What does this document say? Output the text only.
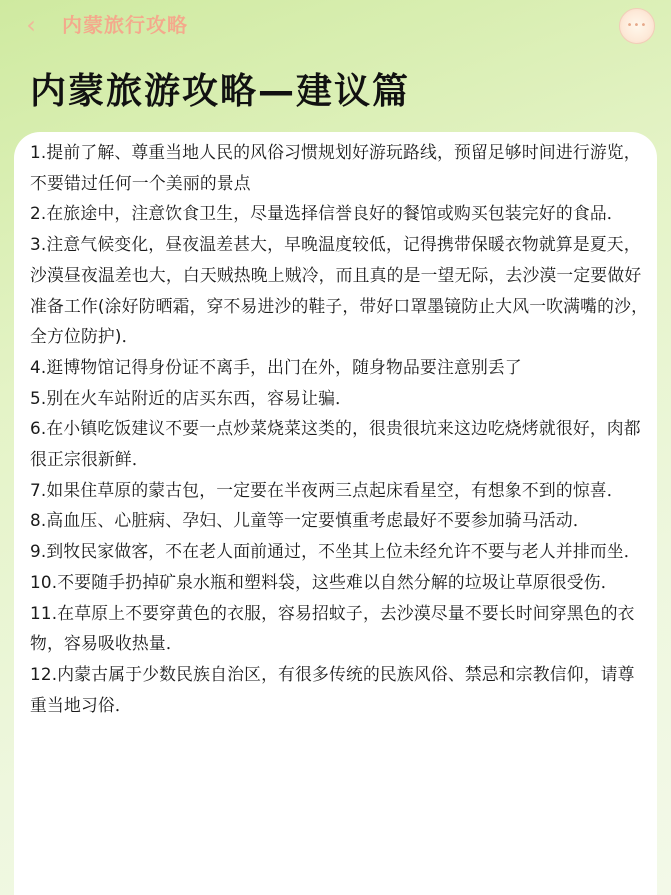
‹	内蒙旅行攻略	•••
内蒙旅游攻略—建议篇
1.提前了解、尊重当地人民的风俗习惯规划好游玩路线，预留足够时间进行游览，不要错过任何一个美丽的景点
2.在旅途中，注意饮食卫生，尽量选择信誉良好的餐馆或购买包装完好的食品．
3.注意气候变化，昼夜温差甚大，早晚温度较低，记得携带保暖衣物就算是夏天，沙漠昼夜温差也大，白天贼热晚上贼冷，而且真的是一望无际，去沙漠一定要做好准备工作(涂好防晒霜，穿不易进沙的鞋子，带好口罩墨镜防止大风一吹满嘴的沙，全方位防护)．
4.逛博物馆记得身份证不离手，出门在外，随身物品要注意别丢了
5.别在火车站附近的店买东西，容易让骗．
6.在小镇吃饭建议不要一点炒菜烧菜这类的，很贵很坑来这边吃烧烤就很好，肉都很正宗很新鲜．
7.如果住草原的蒙古包，一定要在半夜两三点起床看星空，有想象不到的惊喜．
8.高血压、心脏病、孕妇、儿童等一定要慎重考虑最好不要参加骑马活动．
9.到牧民家做客，不在老人面前通过，不坐其上位未经允许不要与老人并排而坐．
10.不要随手扔掉矿泉水瓶和塑料袋，这些难以自然分解的垃圾让草原很受伤．
11.在草原上不要穿黄色的衣服，容易招蚊子，去沙漠尽量不要长时间穿黑色的衣物，容易吸收热量．
12.内蒙古属于少数民族自治区，有很多传统的民族风俗、禁忌和宗教信仰，请尊重当地习俗．
